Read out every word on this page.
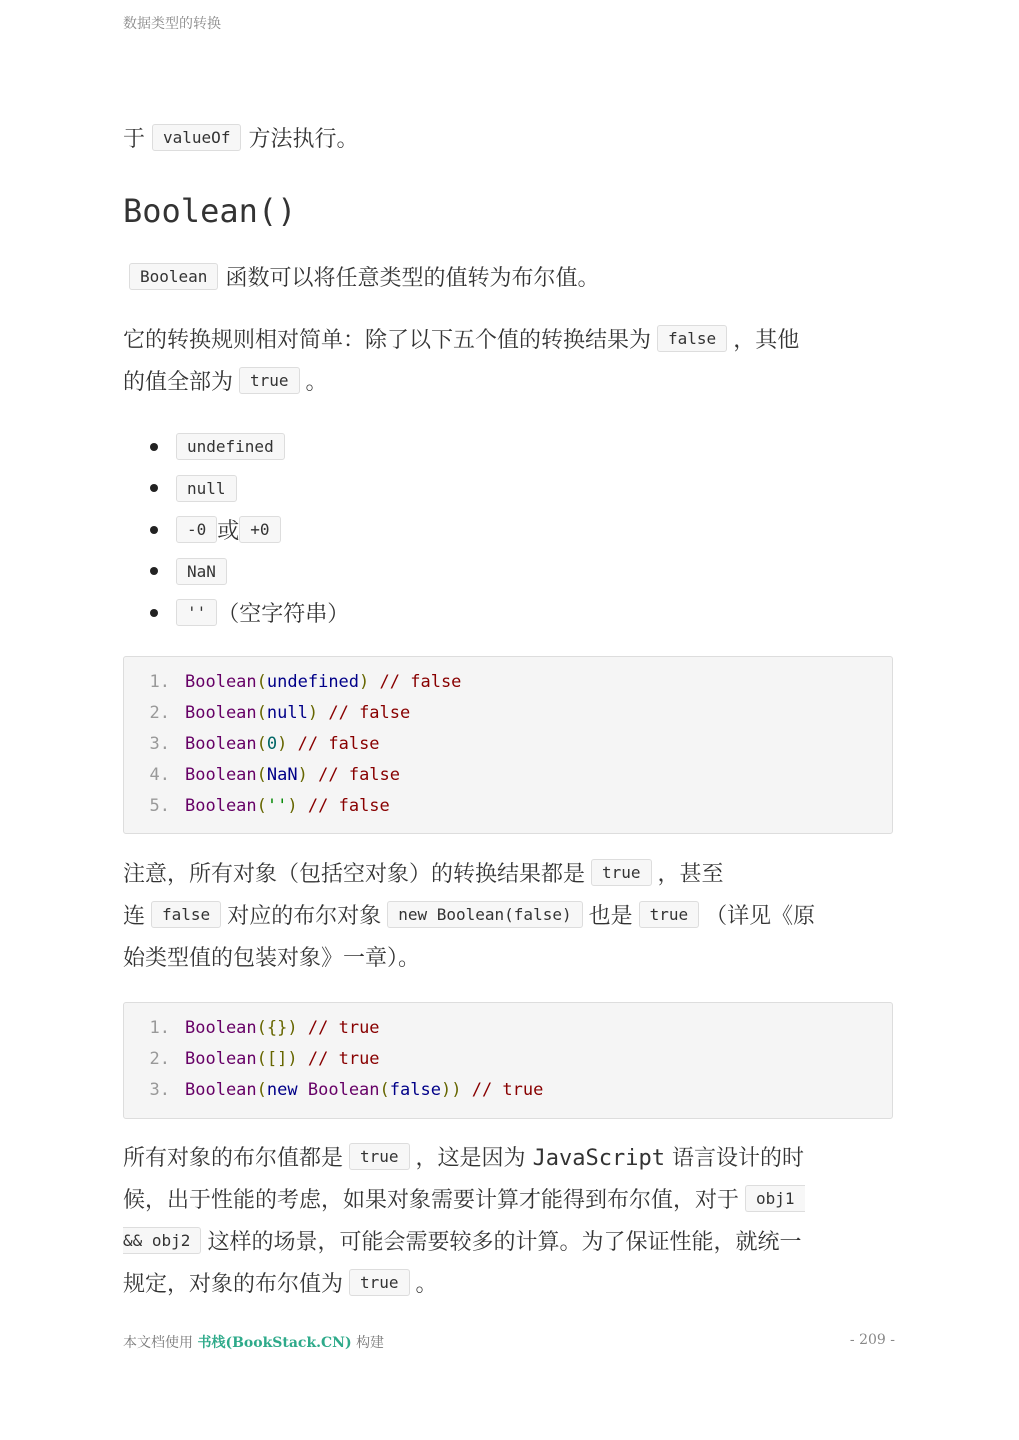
数据类型的转换

于 valueOf 方法执行。

Boolean()

Boolean 函数可以将任意类型的值转为布尔值。

它的转换规则相对简单：除了以下五个值的转换结果为 false ，其他
的值全部为 true 。

undefined
null
-0 或 +0
NaN
'' （空字符串）
1. Boolean(undefined) // false
2. Boolean(null) // false
3. Boolean(0) // false
4. Boolean(NaN) // false
5. Boolean('') // false

注意，所有对象（包括空对象）的转换结果都是 true ，甚至
连 false 对应的布尔对象 new Boolean(false) 也是 true （详见《原
始类型值的包装对象》一章）。

1. Boolean({}) // true
2. Boolean([]) // true
3. Boolean(new Boolean(false)) // true

所有对象的布尔值都是 true ，这是因为 JavaScript 语言设计的时
候，出于性能的考虑，如果对象需要计算才能得到布尔值，对于 obj1
&& obj2 这样的场景，可能会需要较多的计算。为了保证性能，就统一
规定，对象的布尔值为 true 。

本文档使用 书栈(BookStack.CN) 构建	- 209 -
